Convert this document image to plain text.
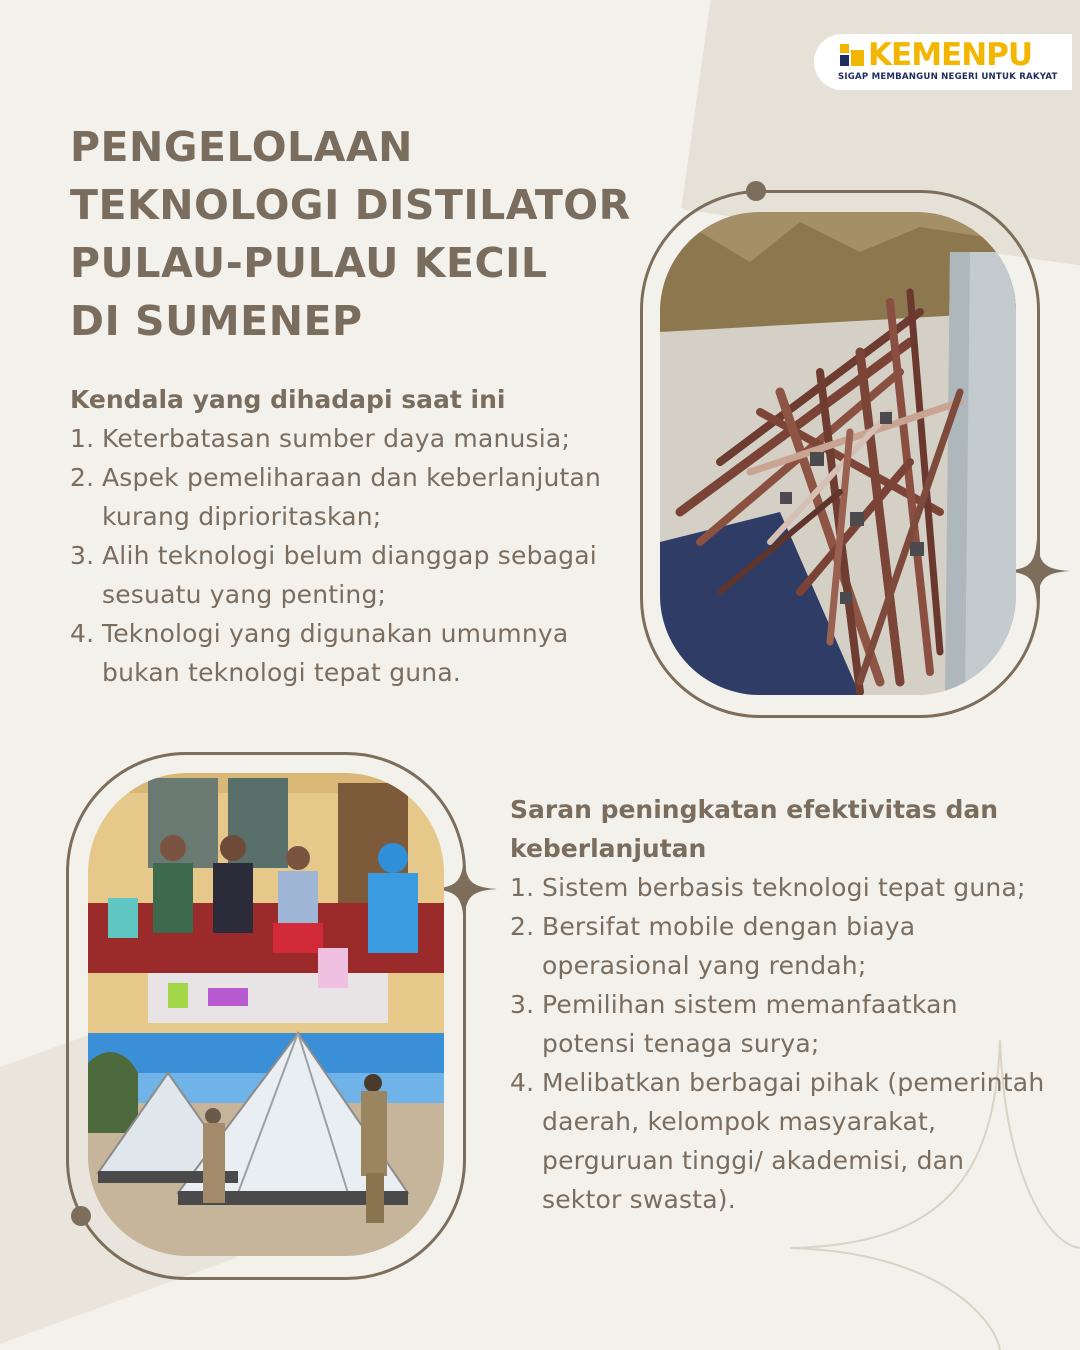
KEMENPU
SIGAP MEMBANGUN NEGERI UNTUK RAKYAT
PENGELOLAAN
TEKNOLOGI DISTILATOR
PULAU-PULAU KECIL
DI SUMENEP
Kendala yang dihadapi saat ini
1. Keterbatasan sumber daya manusia;
2. Aspek pemeliharaan dan keberlanjutan kurang diprioritaskan;
3. Alih teknologi belum dianggap sebagai sesuatu yang penting;
4. Teknologi yang digunakan umumnya bukan teknologi tepat guna.
Saran peningkatan efektivitas dan keberlanjutan
1. Sistem berbasis teknologi tepat guna;
2. Bersifat mobile dengan biaya operasional yang rendah;
3. Pemilihan sistem memanfaatkan potensi tenaga surya;
4. Melibatkan berbagai pihak (pemerintah daerah, kelompok masyarakat, perguruan tinggi/ akademisi, dan sektor swasta).
